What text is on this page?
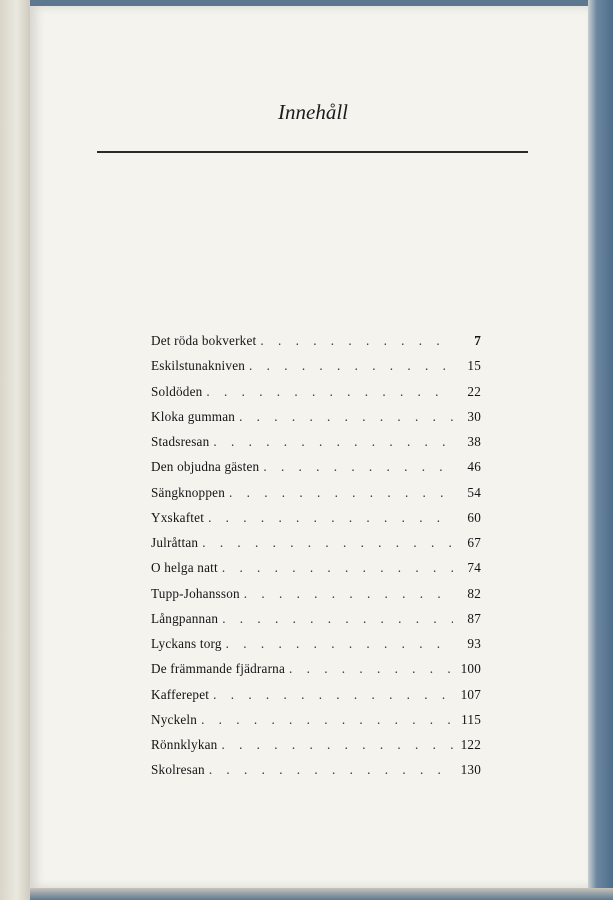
Innehåll
Det röda bokverket . . .	7
Eskilstunakniven . . .	15
Soldöden . . .	22
Kloka gumman . . .	30
Stadsresan . . .	38
Den objudna gästen . . .	46
Sängknoppen . . .	54
Yxskaftet . . .	60
Julråttan . . .	67
O helga natt . . .	74
Tupp-Johansson . . .	82
Långpannan . . .	87
Lyckans torg . . .	93
De främmande fjädrarna . . .	100
Kafferepet . . .	107
Nyckeln . . .	115
Rönnklykan . . .	122
Skolresan . . .	130
